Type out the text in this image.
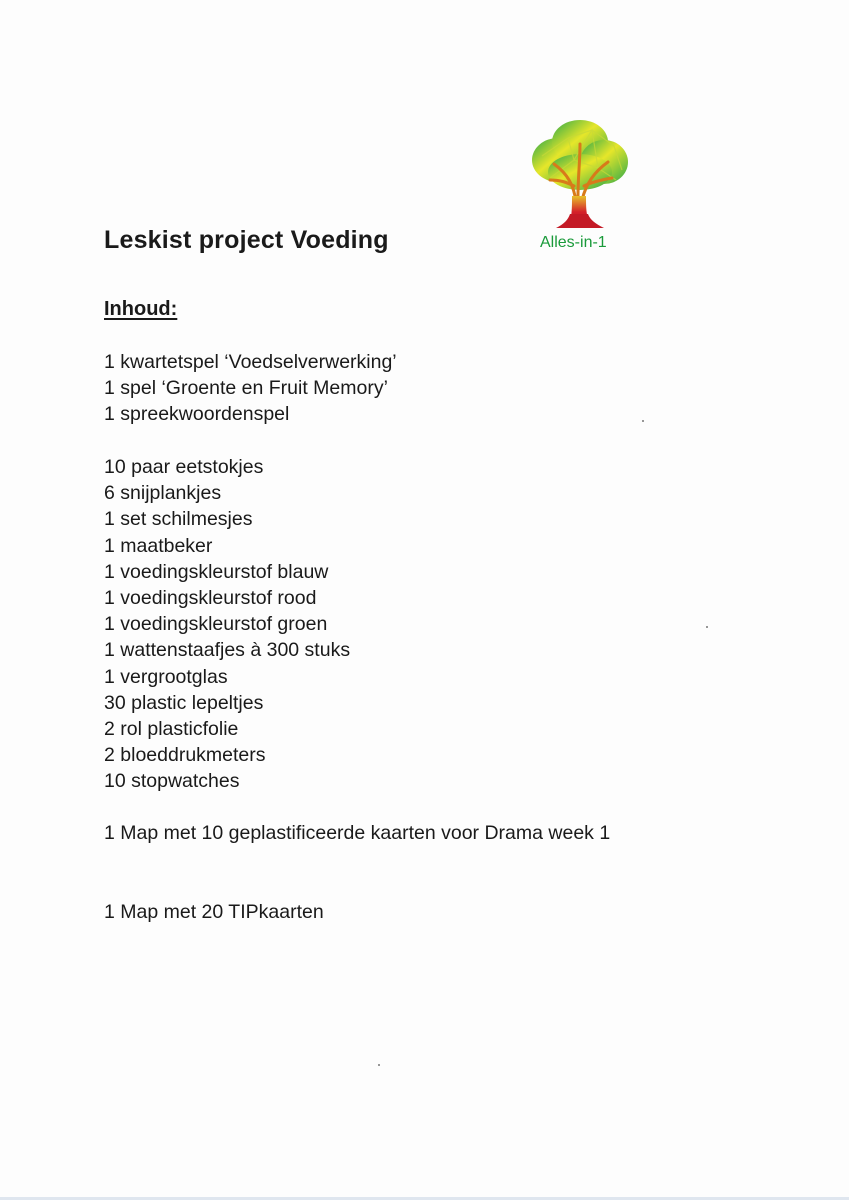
Leskist project Voeding	Alles-in-1
Inhoud:
1 kwartetspel ‘Voedselverwerking’
1 spel ‘Groente en Fruit Memory’
1 spreekwoordenspel
10 paar eetstokjes
6 snijplankjes
1 set schilmesjes
1 maatbeker
1 voedingskleurstof blauw
1 voedingskleurstof rood
1 voedingskleurstof groen
1 wattenstaafjes à 300 stuks
1 vergrootglas
30 plastic lepeltjes
2 rol plasticfolie
2 bloeddrukmeters
10 stopwatches
1 Map met 10 geplastificeerde kaarten voor Drama week 1
1 Map met 20 TIPkaarten
